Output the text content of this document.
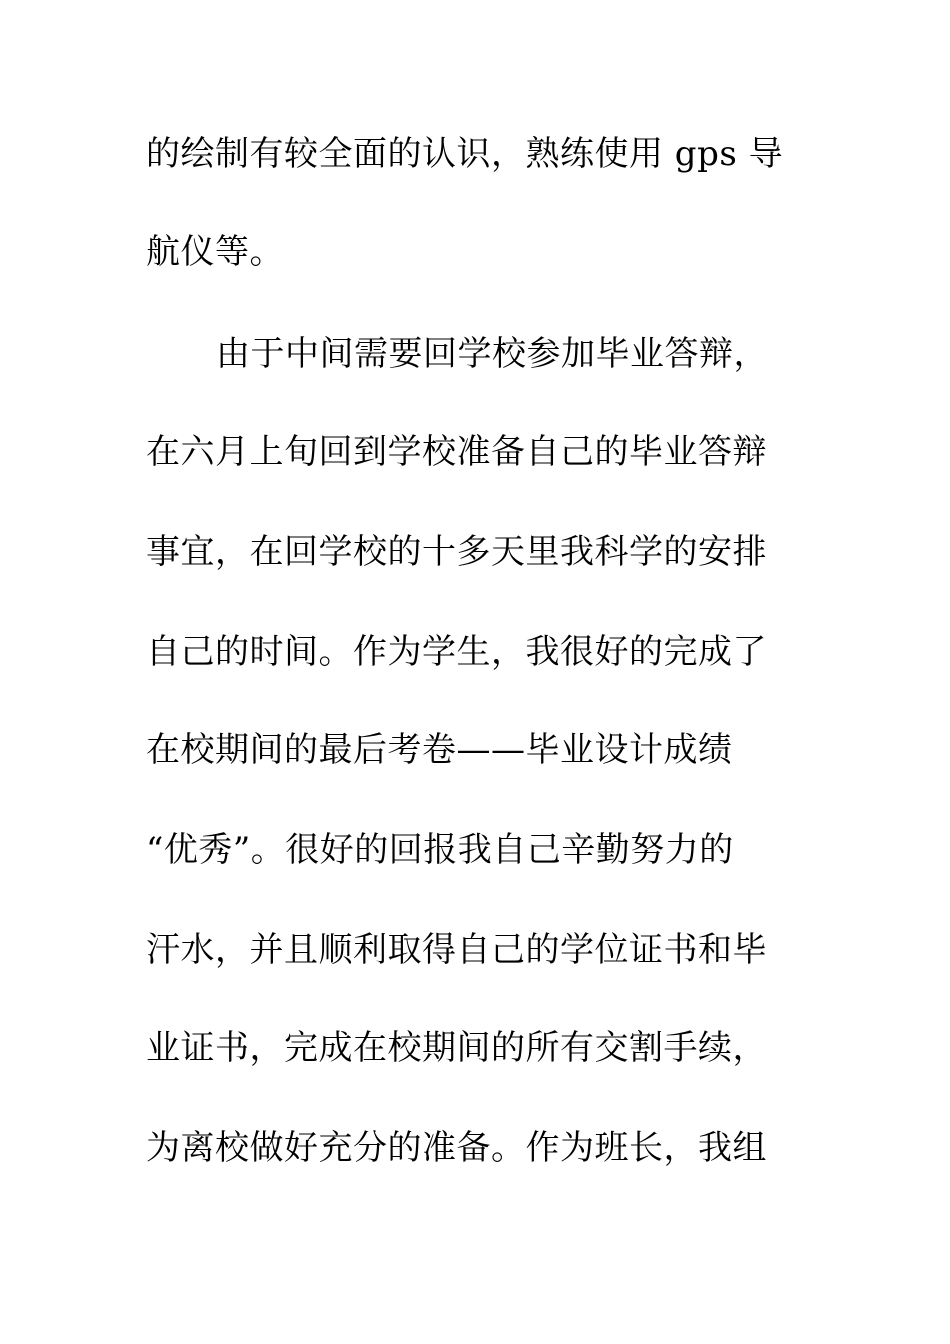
的绘制有较全面的认识，熟练使用 gps 导
航仪等。
由于中间需要回学校参加毕业答辩，
在六月上旬回到学校准备自己的毕业答辩
事宜，在回学校的十多天里我科学的安排
自己的时间。作为学生，我很好的完成了
在校期间的最后考卷——毕业设计成绩
“优秀”。很好的回报我自己辛勤努力的
汗水，并且顺利取得自己的学位证书和毕
业证书，完成在校期间的所有交割手续，
为离校做好充分的准备。作为班长，我组
